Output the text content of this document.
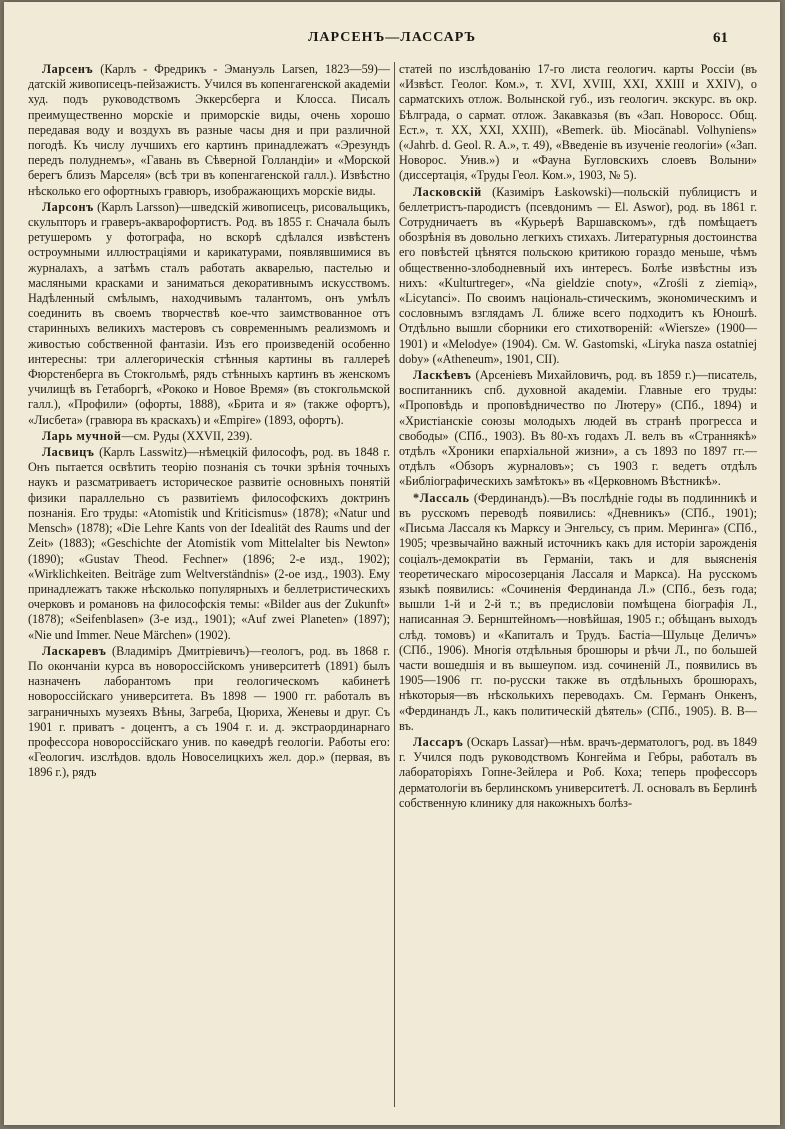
ЛАРСЕНЪ—ЛАССАРЪ	61

Ларсенъ (Карлъ - Фредрикъ - Эмануэль Larsen, 1823—59)—датскій живописецъ-пейзажистъ. Учился въ копенгагенской академіи худ. подъ руководствомъ Эккерсберга и Клосса. Писалъ преимущественно морскіе и приморскіе виды, очень хорошо передавая воду и воздухъ въ разные часы дня и при различной погодѣ. Къ числу лучшихъ его картинъ принадлежатъ «Эрезундъ передъ полуднемъ», «Гавань въ Сѣверной Голландіи» и «Морской берегъ близъ Марселя» (всѣ три въ копенгагенской галл.). Извѣстно нѣсколько его офортныхъ гравюръ, изображающихъ морскіе виды.

Ларсонъ (Карлъ Larsson)—шведскій живописецъ, рисовальщикъ, скульпторъ и граверъ-акварофортистъ. Род. въ 1855 г. Сначала былъ ретушеромъ у фотографа, но вскорѣ сдѣлался извѣстенъ остроумными иллюстраціями и карикатурами, появлявшимися въ журналахъ, а затѣмъ сталъ работать акварелью, пастелью и масляными красками и заниматься декоративнымъ искусствомъ. Надѣленный смѣлымъ, находчивымъ талантомъ, онъ умѣлъ соединить въ своемъ творчествѣ кое-что заимствованное отъ старинныхъ великихъ мастеровъ съ современнымъ реализмомъ и живостью собственной фантазіи. Изъ его произведеній особенно интересны: три аллегорическія стѣнныя картины въ галлереѣ Фюрстенберга въ Стокгольмѣ, рядъ стѣнныхъ картинъ въ женскомъ училищѣ въ Гетаборгѣ, «Рококо и Новое Время» (въ стокгольмской галл.), «Профили» (офорты, 1888), «Брита и я» (также офортъ), «Лисбета» (гравюра въ краскахъ) и «Empire» (1893, офортъ).

Ларь мучной—см. Руды (XXVII, 239).

Ласвицъ (Карлъ Lasswitz)—нѣмецкій философъ, род. въ 1848 г. Онъ пытается освѣтить теорію познанія съ точки зрѣнія точныхъ наукъ и разсматриваетъ историческое развитіе основныхъ понятій физики параллельно съ развитіемъ философскихъ доктринъ познанія. Его труды: «Atomistik und Kriticismus» (1878); «Natur und Mensch» (1878); «Die Lehre Kants von der Idealität des Raums und der Zeit» (1883); «Geschichte der Atomistik vom Mittelalter bis Newton» (1890); «Gustav Theod. Fechner» (1896; 2-е изд., 1902); «Wirklichkeiten. Beiträge zum Weltverständnis» (2-ое изд., 1903). Ему принадлежатъ также нѣсколько популярныхъ и беллетристическихъ очерковъ и романовъ на философскія темы: «Bilder aus der Zukunft» (1878); «Seifenblasen» (3-е изд., 1901); «Auf zwei Planeten» (1897); «Nie und Immer. Neue Märchen» (1902).

Ласкаревъ (Владиміръ Дмитріевичъ)—геологъ, род. въ 1868 г. По окончаніи курса въ новороссійскомъ университетѣ (1891) былъ назначенъ лаборантомъ при геологическомъ кабинетѣ новороссійскаго университета. Въ 1898 — 1900 гг. работалъ въ заграничныхъ музеяхъ Вѣны, Загреба, Цюриха, Женевы и друг. Съ 1901 г. приватъ - доцентъ, а съ 1904 г. и. д. экстраординарнаго профессора новороссійскаго унив. по каѳедрѣ геологіи. Работы его: «Геологич. изслѣдов. вдоль Новоселицкихъ жел. дор.» (первая, въ 1896 г.), рядъ

статей по изслѣдованію 17-го листа геологич. карты Россіи (въ «Извѣст. Геолог. Ком.», т. XVI, XVIII, XXI, XXIII и XXIV), о сарматскихъ отлож. Волынской губ., изъ геологич. экскурс. въ окр. Бѣлграда, о сармат. отлож. Закавказья (въ «Зап. Новоросс. Общ. Ест.», т. XX, XXI, XXIII), «Bemerk. üb. Miocänabl. Volhyniens» («Jahrb. d. Geol. R. A.», т. 49), «Введеніе въ изученіе геологіи» («Зап. Новорос. Унив.») и «Фауна Бугловскихъ слоевъ Волыни» (диссертація, «Труды Геол. Ком.», 1903, № 5).

Ласковскій (Казиміръ Łaskowski)—польскій публицистъ и беллетристъ-пародистъ (псевдонимъ — El. Aswor), род. въ 1861 г. Сотрудничаетъ въ «Курьерѣ Варшавскомъ», гдѣ помѣщаетъ обозрѣнія въ довольно легкихъ стихахъ. Литературныя достоинства его повѣстей цѣнятся польскою критикою гораздо меньше, чѣмъ общественно-злободневный ихъ интересъ. Болѣе извѣстны изъ нихъ: «Kulturtreger», «Na gieldzie cnoty», «Zrośli z ziemią», «Licytanci». По своимъ національ-стическимъ, экономическимъ и сословнымъ взглядамъ Л. ближе всего подходитъ къ Юношѣ. Отдѣльно вышли сборники его стихотвореній: «Wiersze» (1900—1901) и «Melodye» (1904). См. W. Gastomski, «Liryka nasza ostatniej doby» («Atheneum», 1901, CII).

Ласкѣевъ (Арсеніевъ Михайловичъ, род. въ 1859 г.)—писатель, воспитанникъ спб. духовной академіи. Главные его труды: «Проповѣдь и проповѣдничество по Лютеру» (СПб., 1894) и «Христіанскіе союзы молодыхъ людей въ странѣ прогресса и свободы» (СПб., 1903). Въ 80-хъ годахъ Л. велъ въ «Страннякѣ» отдѣлъ «Хроники епархіальной жизни», а съ 1893 по 1897 гг.—отдѣлъ «Обзоръ журналовъ»; съ 1903 г. ведетъ отдѣлъ «Библіографическихъ замѣтокъ» въ «Церковномъ Вѣстникѣ».

*Лассаль (Фердинандъ).—Въ послѣдніе годы въ подлинникѣ и въ русскомъ переводѣ появились: «Дневникъ» (СПб., 1901); «Письма Лассаля къ Марксу и Энгельсу, съ прим. Меринга» (СПб., 1905; чрезвычайно важный источникъ какъ для исторіи зарожденія соціалъ-демократіи въ Германіи, такъ и для выясненія теоретическаго міросозерцанія Лассаля и Маркса). На русскомъ языкѣ появились: «Сочиненія Фердинанда Л.» (СПб., безъ года; вышли 1-й и 2-й т.; въ предисловіи помѣщена біографія Л., написанная Э. Бернштейномъ—новѣйшая, 1905 г.; обѣщанъ выходъ слѣд. томовъ) и «Капиталъ и Трудъ. Бастіа—Шульце Деличъ» (СПб., 1906). Многія отдѣльныя брошюры и рѣчи Л., по большей части вошедшія и въ вышеупом. изд. сочиненій Л., появились въ 1905—1906 гг. по-русски также въ отдѣльныхъ брошюрахъ, нѣкоторыя—въ нѣсколькихъ переводахъ. См. Германъ Онкенъ, «Фердинандъ Л., какъ политическій дѣятель» (СПб., 1905). В. В—въ.

Лассаръ (Оскаръ Lassar)—нѣм. врачъ-дерматологъ, род. въ 1849 г. Учился подъ руководствомъ Конгейма и Гебры, работалъ въ лабораторіяхъ Гопне-Зейлера и Роб. Коха; теперь профессоръ дерматологіи въ берлинскомъ университетѣ. Л. основалъ въ Берлинѣ собственную клинику для накожныхъ болѣз-
